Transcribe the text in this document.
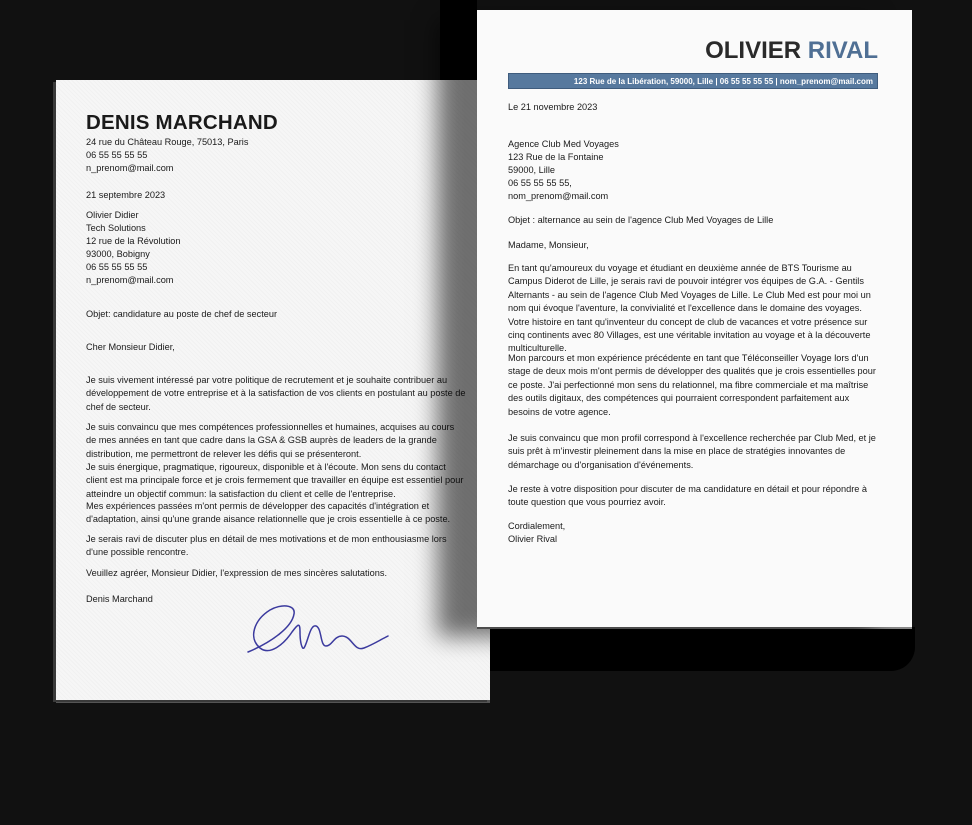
DENIS MARCHAND
24 rue du Château Rouge, 75013, Paris
06 55 55 55 55
n_prenom@mail.com
21 septembre 2023
Olivier Didier
Tech Solutions
12 rue de la Révolution
93000, Bobigny
06 55 55 55 55
n_prenom@mail.com
Objet: candidature au poste de chef de secteur
Cher Monsieur Didier,
Je suis vivement intéressé par votre politique de recrutement et je souhaite contribuer au développement de votre entreprise et à la satisfaction de vos clients en postulant au poste de chef de secteur.
Je suis convaincu que mes compétences professionnelles et humaines, acquises au cours de mes années en tant que cadre dans la GSA & GSB auprès de leaders de la grande distribution, me permettront de relever les défis qui se présenteront.
Je suis énergique, pragmatique, rigoureux, disponible et à l'écoute. Mon sens du contact client est ma principale force et je crois fermement que travailler en équipe est essentiel pour atteindre un objectif commun: la satisfaction du client et celle de l'entreprise.
Mes expériences passées m'ont permis de développer des capacités d'intégration et d'adaptation, ainsi qu'une grande aisance relationnelle que je crois essentielle à ce poste.
Je serais ravi de discuter plus en détail de mes motivations et de mon enthousiasme lors d'une possible rencontre.
Veuillez agréer, Monsieur Didier, l'expression de mes sincères salutations.
Denis Marchand
OLIVIER RIVAL
123 Rue de la Libération, 59000, Lille | 06 55 55 55 55 | nom_prenom@mail.com
Le 21 novembre 2023
Agence Club Med Voyages
123 Rue de la Fontaine
59000, Lille
06 55 55 55 55,
nom_prenom@mail.com
Objet : alternance au sein de l'agence Club Med Voyages de Lille
Madame, Monsieur,
En tant qu'amoureux du voyage et étudiant en deuxième année de BTS Tourisme au Campus Diderot de Lille, je serais ravi de pouvoir intégrer vos équipes de G.A. - Gentils Alternants - au sein de l'agence Club Med Voyages de Lille. Le Club Med est pour moi un nom qui évoque l'aventure, la convivialité et l'excellence dans le domaine des voyages. Votre histoire en tant qu'inventeur du concept de club de vacances et votre présence sur cinq continents avec 80 Villages, est une véritable invitation au voyage et à la découverte multiculturelle.
Mon parcours et mon expérience précédente en tant que Téléconseiller Voyage lors d'un stage de deux mois m'ont permis de développer des qualités que je crois essentielles pour ce poste. J'ai perfectionné mon sens du relationnel, ma fibre commerciale et ma maîtrise des outils digitaux, des compétences qui pourraient correspondent parfaitement aux besoins de votre agence.
Je suis convaincu que mon profil correspond à l'excellence recherchée par Club Med, et je suis prêt à m'investir pleinement dans la mise en place de stratégies innovantes de démarchage ou d'organisation d'événements.
Je reste à votre disposition pour discuter de ma candidature en détail et pour répondre à toute question que vous pourriez avoir.
Cordialement,
Olivier Rival
